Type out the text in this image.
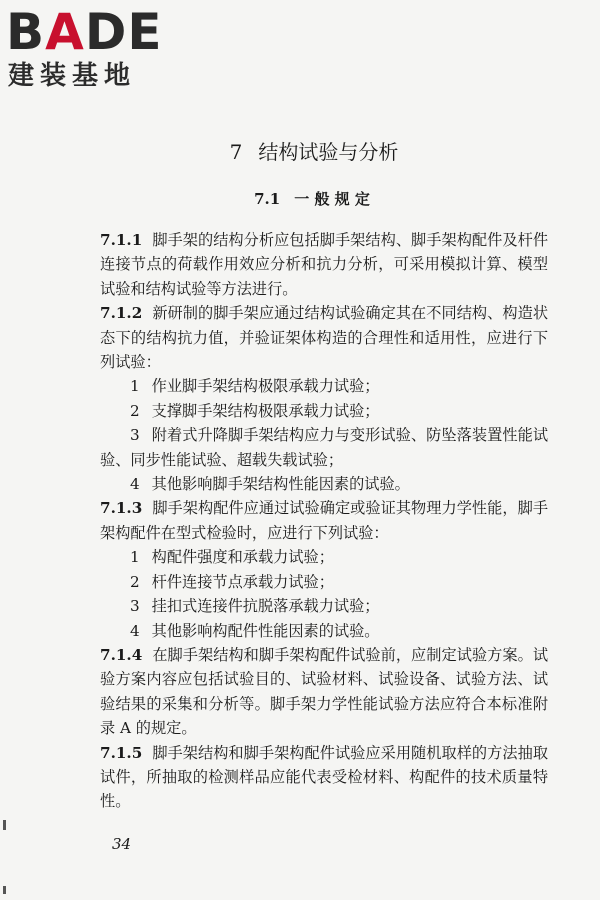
BADE
建装基地
7 结构试验与分析
7.1 一 般 规 定

7.1.1 脚手架的结构分析应包括脚手架结构、脚手架构配件及杆件连接节点的荷载作用效应分析和抗力分析，可采用模拟计算、模型试验和结构试验等方法进行。

7.1.2 新研制的脚手架应通过结构试验确定其在不同结构、构造状态下的结构抗力值，并验证架体构造的合理性和适用性，应进行下列试验：

1 作业脚手架结构极限承载力试验；

2 支撑脚手架结构极限承载力试验；

3 附着式升降脚手架结构应力与变形试验、防坠落装置性能试验、同步性能试验、超载失载试验；

4 其他影响脚手架结构性能因素的试验。

7.1.3 脚手架构配件应通过试验确定或验证其物理力学性能，脚手架构配件在型式检验时，应进行下列试验：

1 构配件强度和承载力试验；

2 杆件连接节点承载力试验；

3 挂扣式连接件抗脱落承载力试验；

4 其他影响构配件性能因素的试验。

7.1.4 在脚手架结构和脚手架构配件试验前，应制定试验方案。试验方案内容应包括试验目的、试验材料、试验设备、试验方法、试验结果的采集和分析等。脚手架力学性能试验方法应符合本标准附录 A 的规定。

7.1.5 脚手架结构和脚手架构配件试验应采用随机取样的方法抽取试件，所抽取的检测样品应能代表受检材料、构配件的技术质量特性。

34
